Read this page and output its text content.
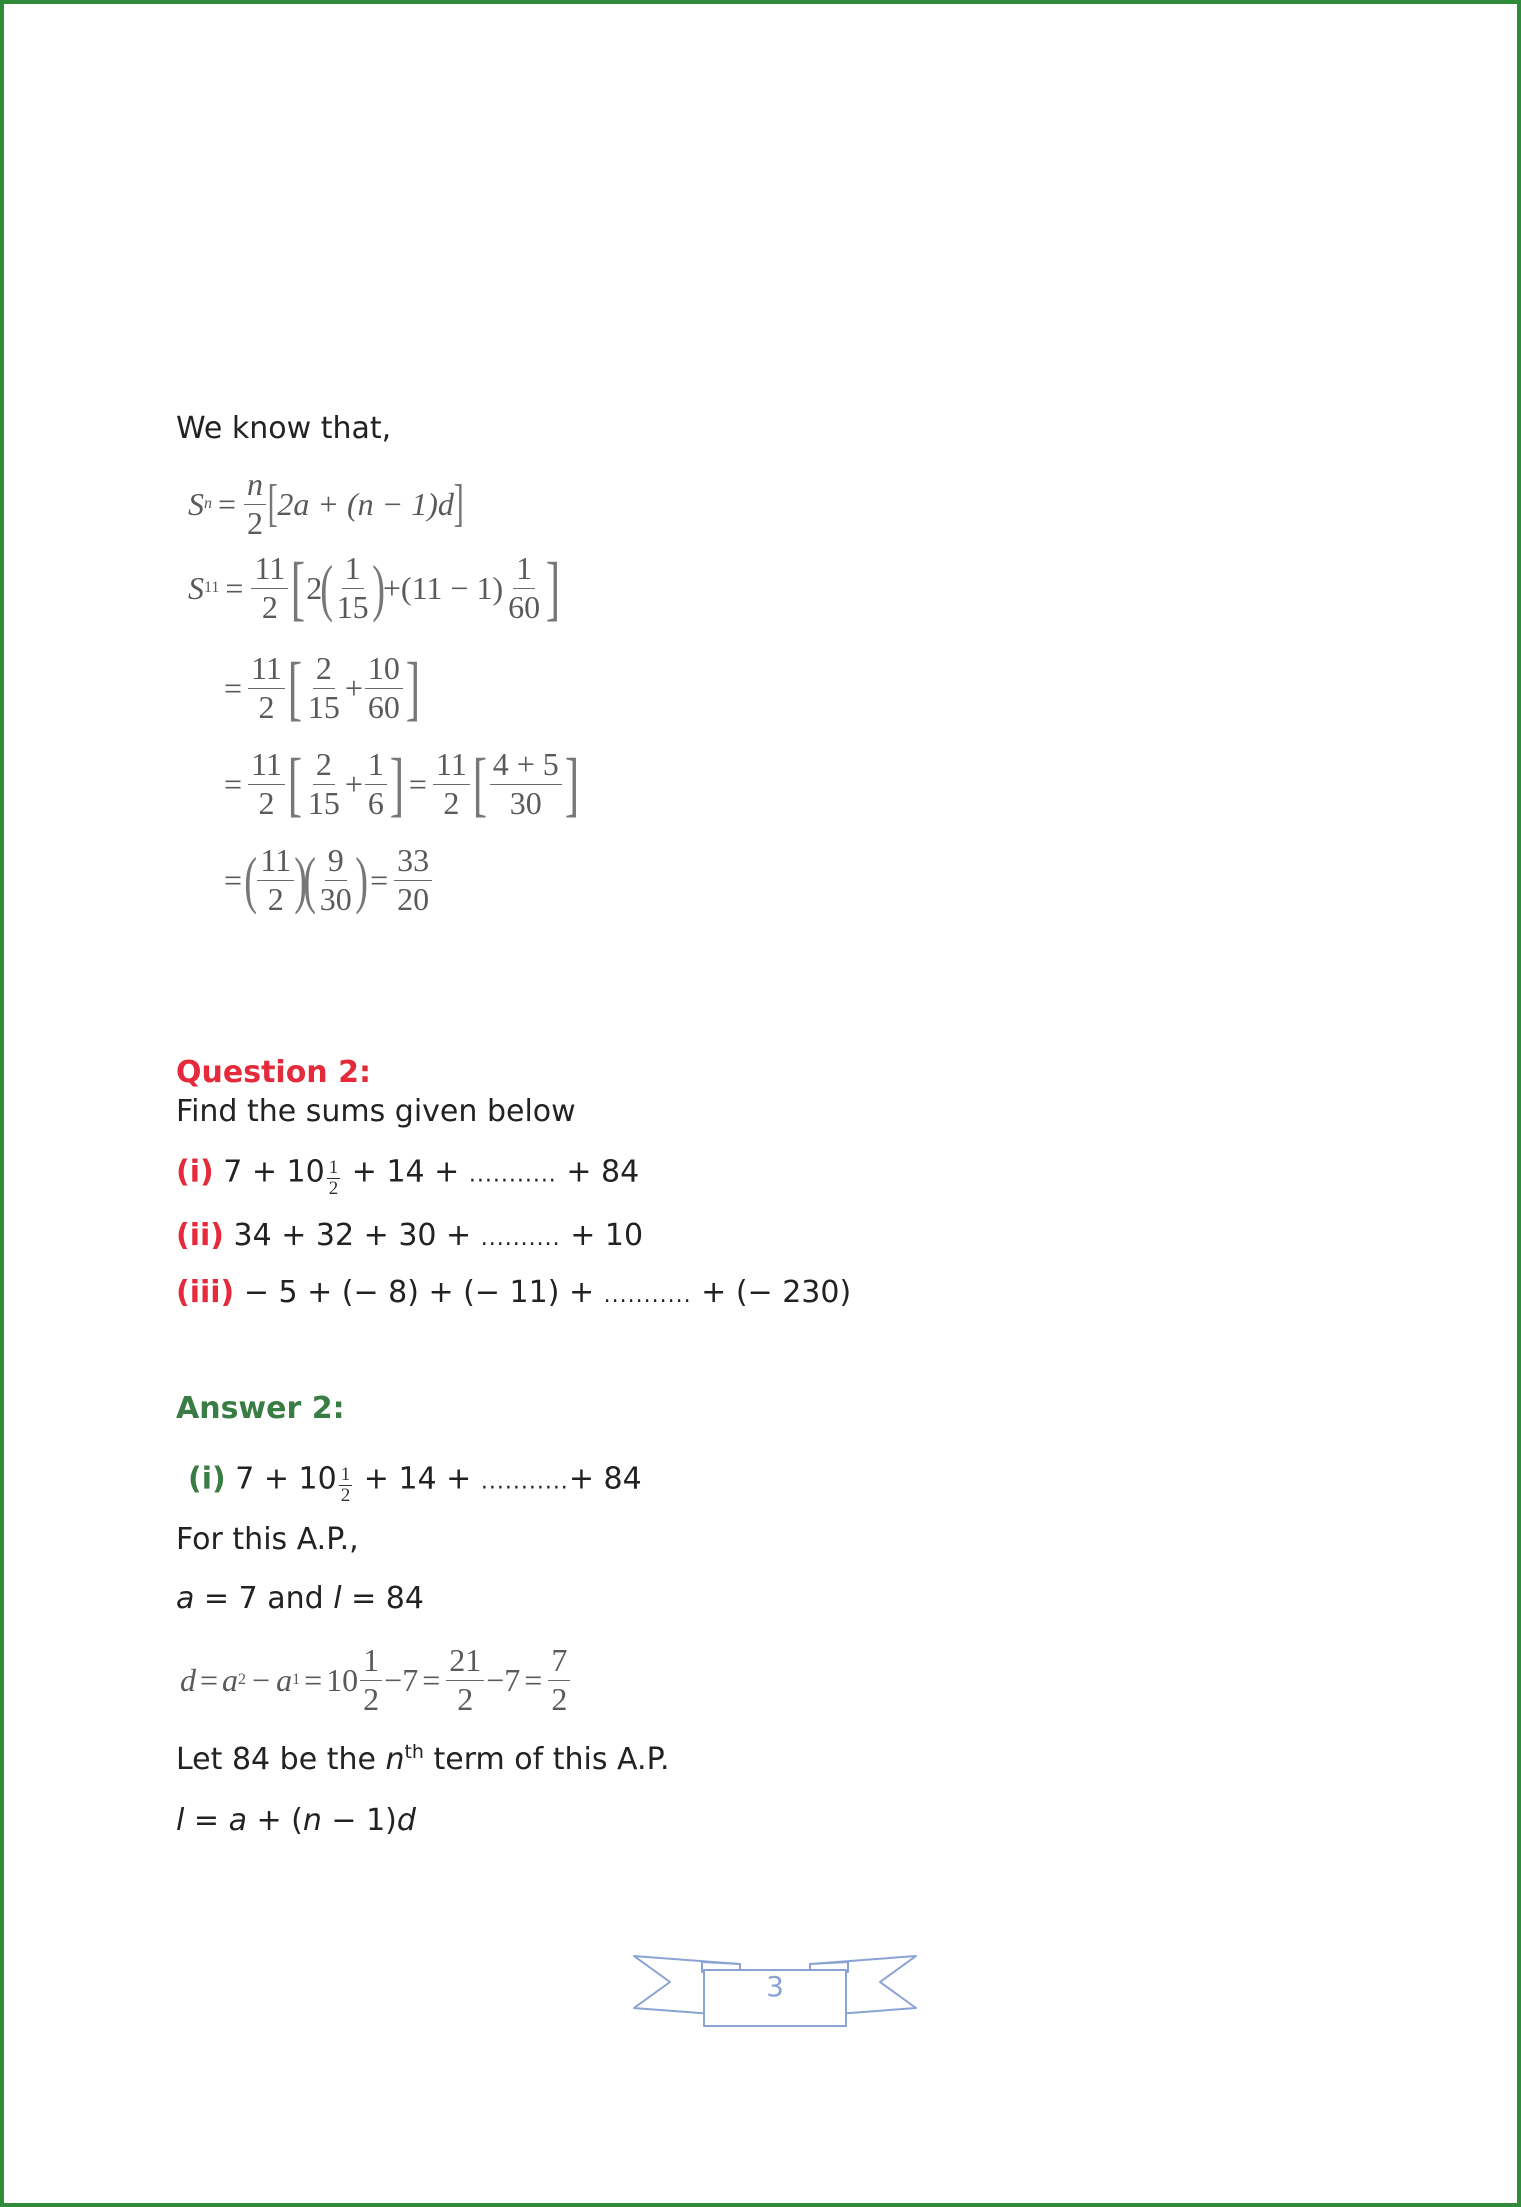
We know that,
S $n = \frac{n}{2}$ [ 2a + (n − 1)d ]
S $11 = \frac{11}{2}$ [ 2
( $\frac{1}{15}$ )
+ $(11 - 1) \frac{1}{60}$ ]
= $\frac{11}{2}$ [ $\frac{2}{15} + \frac{10}{60}$ ]
= $\frac{11}{2}$ [ $\frac{2}{15} + \frac{1}{6}$ ] = $\frac{11}{2}$ [ $\frac{4 + 5}{30}$ ]
= ( $\frac{11}{2}$ )
( $\frac{9}{30}$ ) = $\frac{33}{20}$
Question 2:
Find the sums given below
(i) $7 + 10 \frac{1}{2} + 14$ + ........... + 84
(ii) 34 + 32 + 30 + .......... + 10
(iii) − 5 + (− 8) + (− 11) + ........... + (− 230)
Answer 2:
(i) $7 + 10 \frac{1}{2} + 14$ + ...........+ 84
For this A.P.,
a = 7 and l = 84
d = a 2 − a $1 = 10 \frac{1}{2} -7 = \frac{21}{2} -7 = \frac{7}{2}$
Let 84 be the $n^{th}$ term of this A.P.
l = a + (n − 1)d
3
